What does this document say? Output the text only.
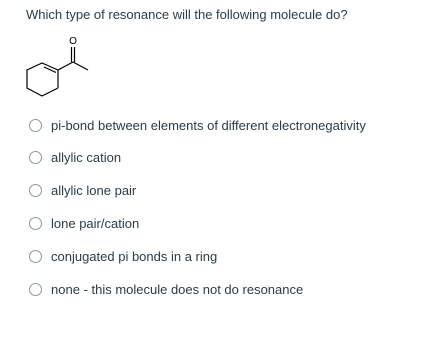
Which type of resonance will the following molecule do?
O
pi-bond between elements of different electronegativity
allylic cation
allylic lone pair
lone pair/cation
conjugated pi bonds in a ring
none - this molecule does not do resonance
